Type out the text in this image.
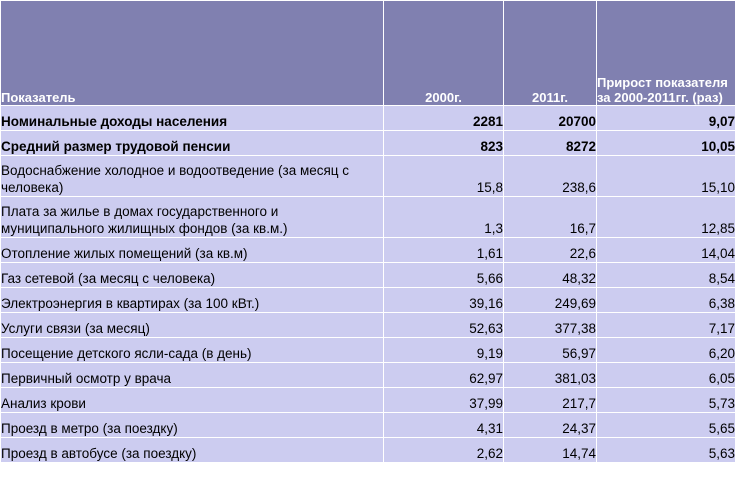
Показатель	2000г.	2011г.	Прирост показателя за 2000-2011гг. (раз)
Номинальные доходы населения	2281	20700	9,07
Средний размер трудовой пенсии	823	8272	10,05
Водоснабжение холодное и водоотведение (за месяц с человека)	15,8	238,6	15,10
Плата за жилье в домах государственного и муниципального жилищных фондов (за кв.м.)	1,3	16,7	12,85
Отопление жилых помещений (за кв.м)	1,61	22,6	14,04
Газ сетевой (за месяц с человека)	5,66	48,32	8,54
Электроэнергия в квартирах (за 100 кВт.)	39,16	249,69	6,38
Услуги связи (за месяц)	52,63	377,38	7,17
Посещение детского ясли-сада (в день)	9,19	56,97	6,20
Первичный осмотр у врача	62,97	381,03	6,05
Анализ крови	37,99	217,7	5,73
Проезд в метро (за поездку)	4,31	24,37	5,65
Проезд в автобусе (за поездку)	2,62	14,74	5,63
